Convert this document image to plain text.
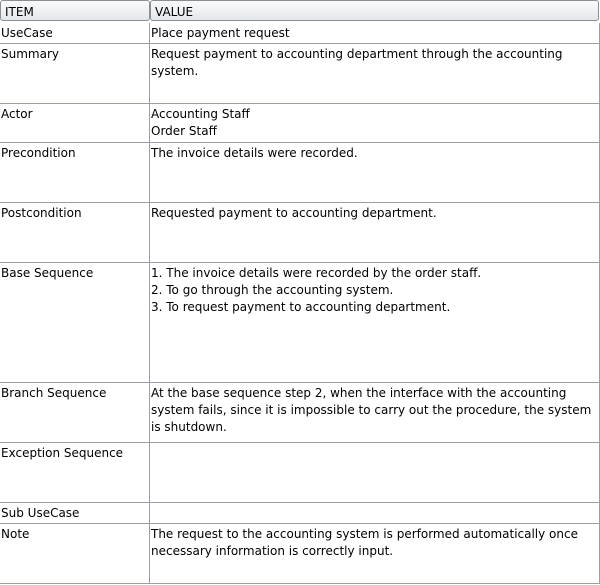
ITEM	VALUE
UseCase	Place payment request
Summary	Request payment to accounting department through the accounting system.
Actor	Accounting Staff
Order Staff
Precondition	The invoice details were recorded.
Postcondition	Requested payment to accounting department.
Base Sequence	1. The invoice details were recorded by the order staff.
2. To go through the accounting system.
3. To request payment to accounting department.
Branch Sequence	At the base sequence step 2, when the interface with the accounting system fails, since it is impossible to carry out the procedure, the system is shutdown.
Exception Sequence
Sub UseCase
Note	The request to the accounting system is performed automatically once necessary information is correctly input.
